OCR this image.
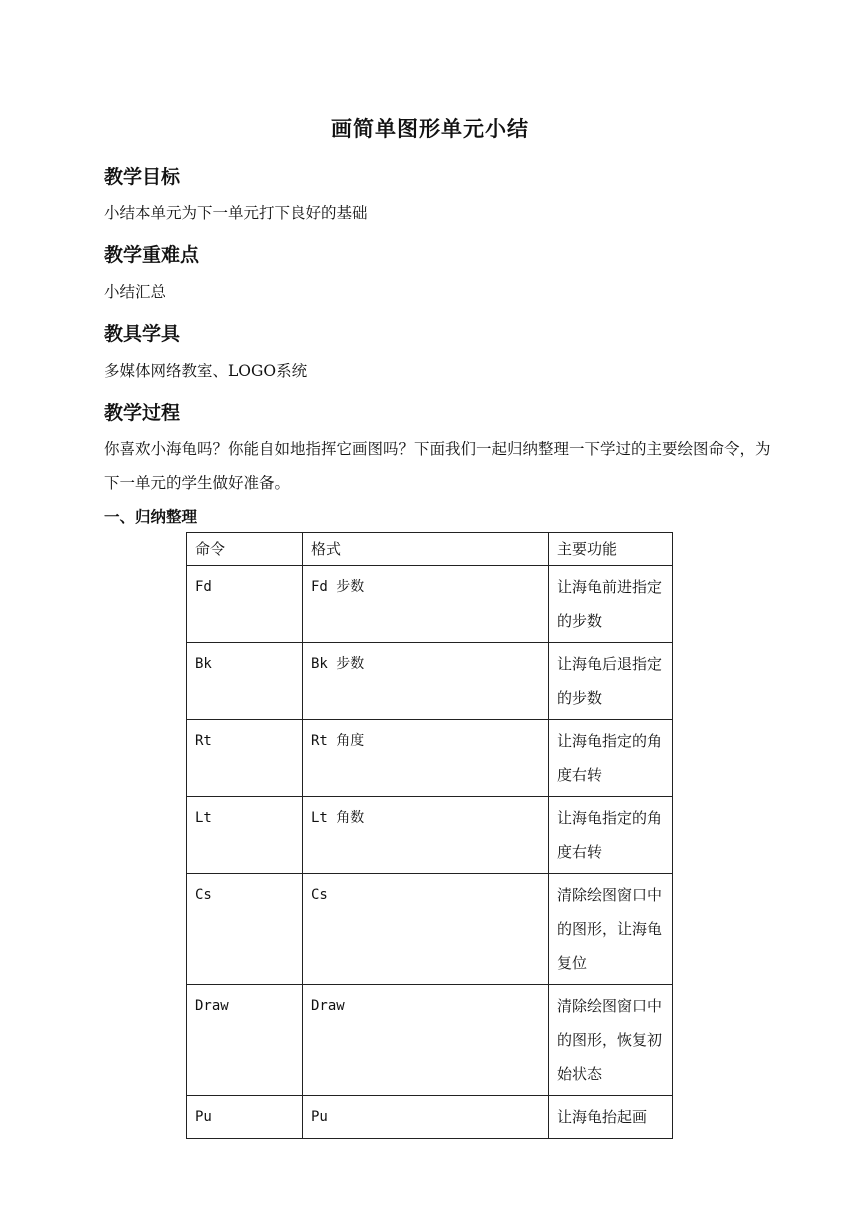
画简单图形单元小结
教学目标
小结本单元为下一单元打下良好的基础
教学重难点
小结汇总
教具学具
多媒体网络教室、LOGO系统
教学过程
你喜欢小海龟吗？你能自如地指挥它画图吗？下面我们一起归纳整理一下学过的主要绘图命令，为下一单元的学生做好准备。
一、归纳整理
命令	格式	主要功能
Fd	Fd 步数	让海龟前进指定的步数
Bk	Bk 步数	让海龟后退指定的步数
Rt	Rt 角度	让海龟指定的角度右转
Lt	Lt 角数	让海龟指定的角度右转
Cs	Cs	清除绘图窗口中的图形，让海龟复位
Draw	Draw	清除绘图窗口中的图形，恢复初始状态
Pu	Pu	让海龟抬起画
